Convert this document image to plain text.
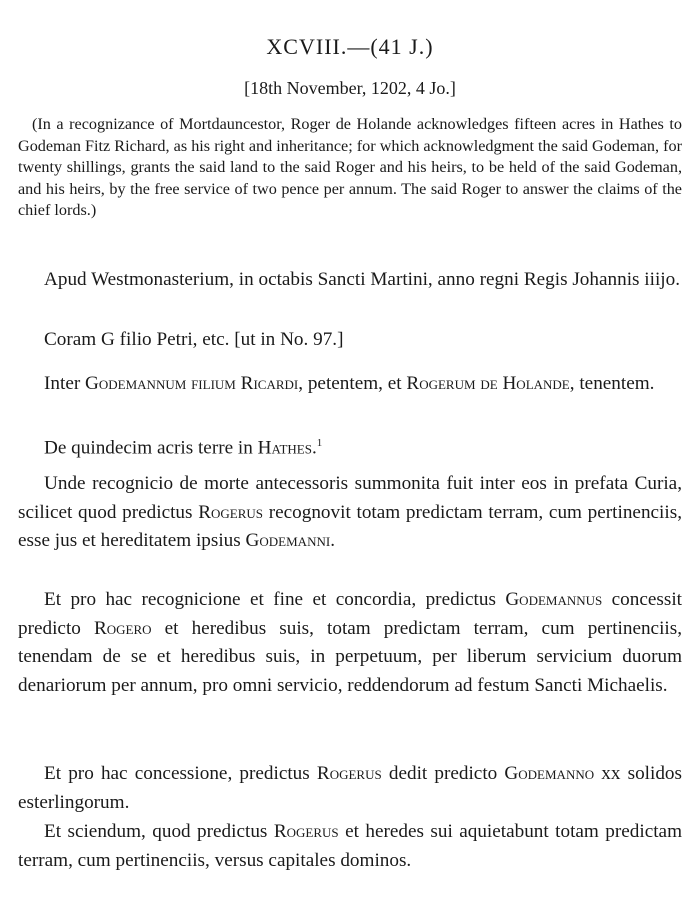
XCVIII.—(41 J.)
[18th November, 1202, 4 Jo.]

(In a recognizance of Mortdauncestor, Roger de Holande acknowledges fifteen acres in Hathes to Godeman Fitz Richard, as his right and inheritance; for which acknowledgment the said Godeman, for twenty shillings, grants the said land to the said Roger and his heirs, to be held of the said Godeman, and his heirs, by the free service of two pence per annum. The said Roger to answer the claims of the chief lords.)

Apud Westmonasterium, in octabis Sancti Martini, anno regni Regis Johannis iiijo.

Coram G filio Petri, etc. [ut in No. 97.]

Inter Godemannum filium Ricardi, petentem, et Rogerum de Holande, tenentem.

De quindecim acris terre in Hathes.$^1$

Unde recognicio de morte antecessoris summonita fuit inter eos in prefata Curia, scilicet quod predictus Rogerus recognovit totam predictam terram, cum pertinenciis, esse jus et hereditatem ipsius Godemanni.

Et pro hac recognicione et fine et concordia, predictus Godemannus concessit predicto Rogero et heredibus suis, totam predictam terram, cum pertinenciis, tenendam de se et heredibus suis, in perpetuum, per liberum servicium duorum denariorum per annum, pro omni servicio, reddendorum ad festum Sancti Michaelis.

Et pro hac concessione, predictus Rogerus dedit predicto Godemanno xx solidos esterlingorum.

Et sciendum, quod predictus Rogerus et heredes sui aquietabunt totam predictam terram, cum pertinenciis, versus capitales dominos.
